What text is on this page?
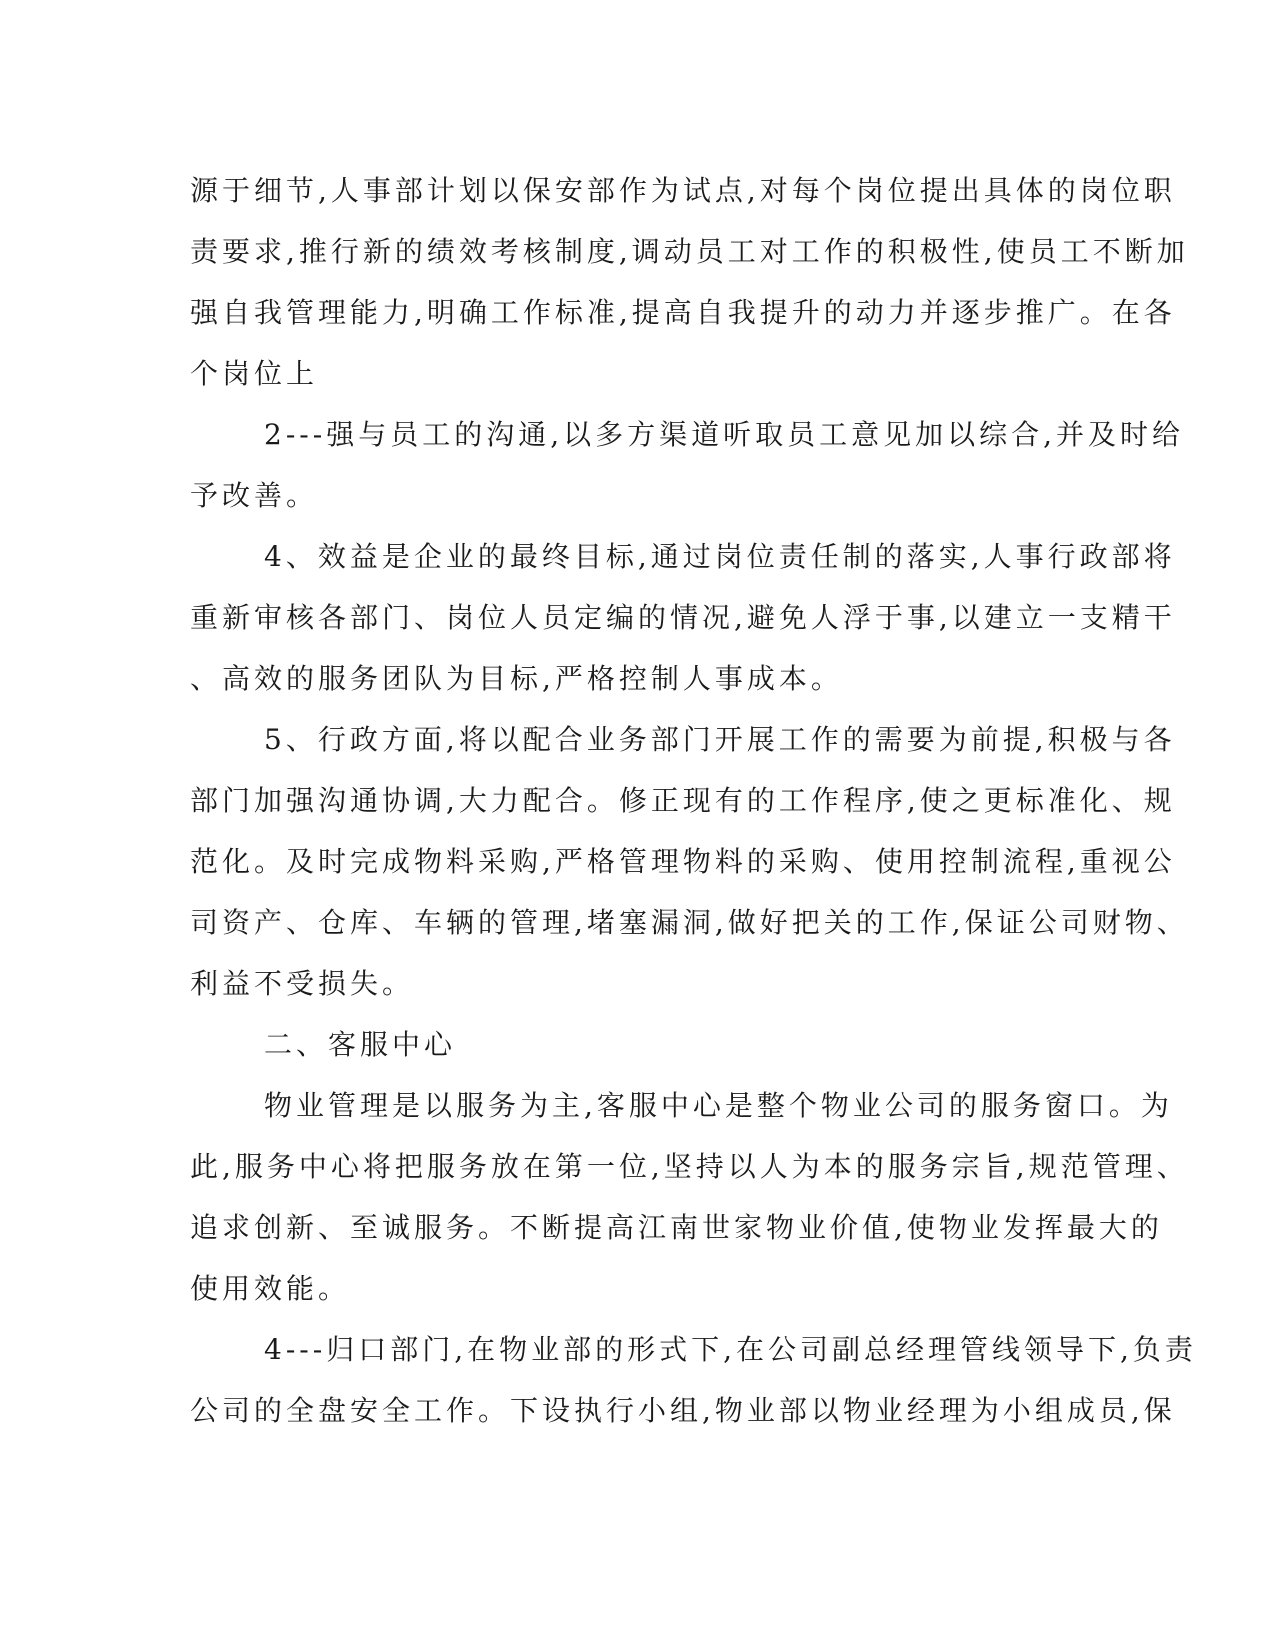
源于细节,人事部计划以保安部作为试点,对每个岗位提出具体的岗位职
责要求,推行新的绩效考核制度,调动员工对工作的积极性,使员工不断加
强自我管理能力,明确工作标准,提高自我提升的动力并逐步推广。在各
个岗位上
2---强与员工的沟通,以多方渠道听取员工意见加以综合,并及时给
予改善。
4、效益是企业的最终目标,通过岗位责任制的落实,人事行政部将
重新审核各部门、岗位人员定编的情况,避免人浮于事,以建立一支精干
、高效的服务团队为目标,严格控制人事成本。
5、行政方面,将以配合业务部门开展工作的需要为前提,积极与各
部门加强沟通协调,大力配合。修正现有的工作程序,使之更标准化、规
范化。及时完成物料采购,严格管理物料的采购、使用控制流程,重视公
司资产、仓库、车辆的管理,堵塞漏洞,做好把关的工作,保证公司财物、
利益不受损失。
二、客服中心
物业管理是以服务为主,客服中心是整个物业公司的服务窗口。为
此,服务中心将把服务放在第一位,坚持以人为本的服务宗旨,规范管理、
追求创新、至诚服务。不断提高江南世家物业价值,使物业发挥最大的
使用效能。
4---归口部门,在物业部的形式下,在公司副总经理管线领导下,负责
公司的全盘安全工作。下设执行小组,物业部以物业经理为小组成员,保
